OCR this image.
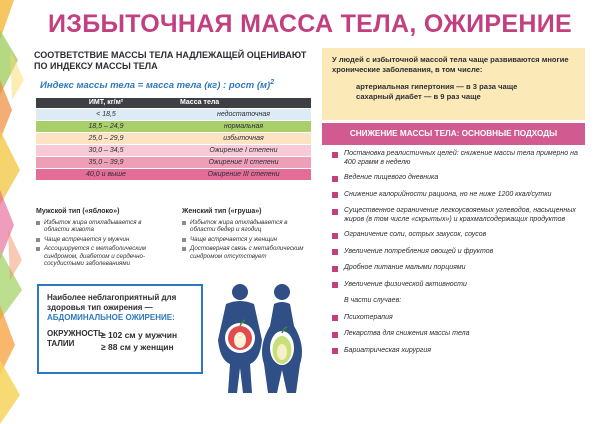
ИЗБЫТОЧНАЯ МАССА ТЕЛА, ОЖИРЕНИЕ
СООТВЕТСТВИЕ МАССЫ ТЕЛА НАДЛЕЖАЩЕЙ ОЦЕНИВАЮТ ПО ИНДЕКСУ МАССЫ ТЕЛА
Индекс массы тела = масса тела (кг) : рост $(м)^2$
ИМТ, кг/м²	Масса тела
< 18,5	недостаточная
18,5 – 24,9	нормальная
25,0 – 29,9	избыточная
30,0 – 34,5	Ожирение I степени
35,0 – 39,9	Ожирение II степени
40,0 и выше	Ожирение III степени
Мужской тип («яблоко»)
Избыток жира откладывается в области живота
Чаще встречается у мужчин
Ассоциируется с метаболическим синдромом, диабетом и сердечно-сосудистыми заболеваниями
Женский тип («груша»)
Избыток жира откладывается в области бедер и ягодиц
Чаще встречается у женщин
Достоверная связь с метаболическим синдромом отсутствует
Наиболее неблагоприятный для здоровья тип ожирения —
АБДОМИНАЛЬНОЕ ОЖИРЕНИЕ:
ОКРУЖНОСТЬ ТАЛИИ
≥ 102 см у мужчин
≥ 88 см у женщин
У людей с избыточной массой тела чаще развиваются многие хронические заболевания, в том числе:
артериальная гипертония — в 3 раза чаще
сахарный диабет — в 9 раз чаще
СНИЖЕНИЕ МАССЫ ТЕЛА: ОСНОВНЫЕ ПОДХОДЫ
Постановка реалистичных целей: снижение массы тела примерно на 400 грамм в неделю
Ведение пищевого дневника
Снижение калорийности рациона, но не ниже 1200 ккал/сутки
Существенное ограничение легкоусвояемых углеводов, насыщенных жиров (в том числе «скрытых») и крахмалсодержащих продуктов
Ограничение соли, острых закусок, соусов
Увеличение потребления овощей и фруктов
Дробное питание малыми порциями
Увеличение физической активности
В части случаев:
Психотерапия
Лекарства для снижения массы тела
Бариатрическая хирургия
